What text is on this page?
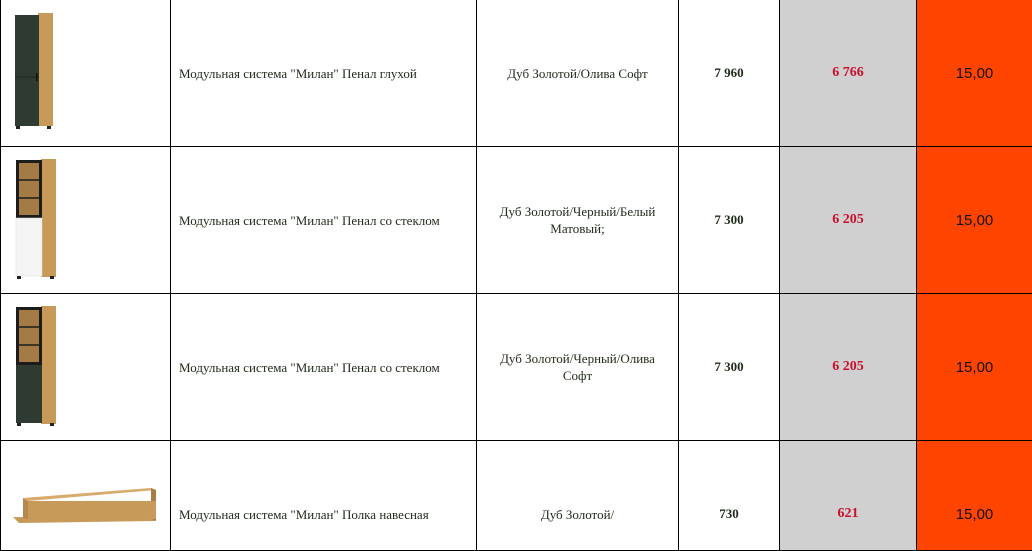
	Модульная система "Милан" Пенал глухой	Дуб Золотой/Олива Софт	7 960	6 766	15,00

	Модульная система "Милан" Пенал со стеклом	Дуб Золотой/Черный/Белый Матовый;	7 300	6 205	15,00

	Модульная система "Милан" Пенал со стеклом	Дуб Золотой/Черный/Олива Софт	7 300	6 205	15,00

	Модульная система "Милан" Полка навесная	Дуб Золотой/	730	621	15,00
